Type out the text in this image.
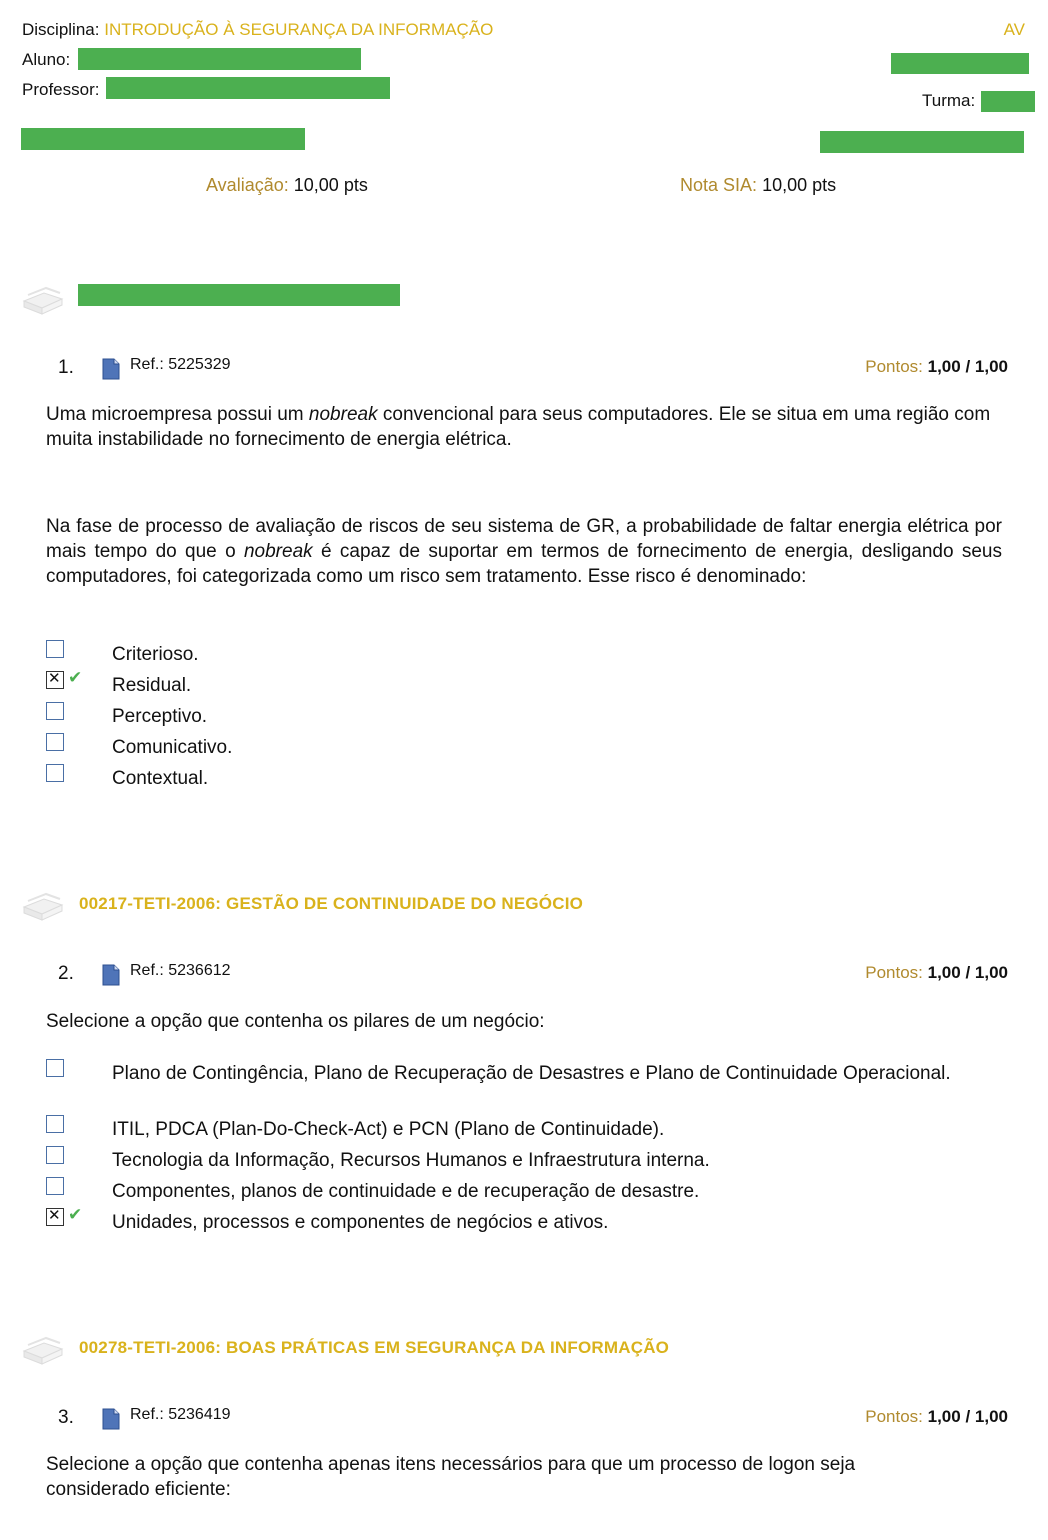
Disciplina: INTRODUÇÃO À SEGURANÇA DA INFORMAÇÃO	AV
Aluno:
Professor:
Turma:
Avaliação: 10,00 pts	Nota SIA: 10,00 pts
1.	Ref.: 5225329	Pontos: 1,00 / 1,00
Uma microempresa possui um nobreak convencional para seus computadores. Ele se situa em uma região com muita instabilidade no fornecimento de energia elétrica.
Na fase de processo de avaliação de riscos de seu sistema de GR, a probabilidade de faltar energia elétrica por mais tempo do que o nobreak é capaz de suportar em termos de fornecimento de energia, desligando seus computadores, foi categorizada como um risco sem tratamento. Esse risco é denominado:
Criterioso.
✕
✔ Residual.
Perceptivo.
Comunicativo.
Contextual.
00217-TETI-2006: GESTÃO DE CONTINUIDADE DO NEGÓCIO
2.	Ref.: 5236612	Pontos: 1,00 / 1,00
Selecione a opção que contenha os pilares de um negócio:
Plano de Contingência, Plano de Recuperação de Desastres e Plano de Continuidade Operacional.
ITIL, PDCA (Plan-Do-Check-Act) e PCN (Plano de Continuidade).
Tecnologia da Informação, Recursos Humanos e Infraestrutura interna.
Componentes, planos de continuidade e de recuperação de desastre.
✕
✔ Unidades, processos e componentes de negócios e ativos.
00278-TETI-2006: BOAS PRÁTICAS EM SEGURANÇA DA INFORMAÇÃO
3.	Ref.: 5236419	Pontos: 1,00 / 1,00
Selecione a opção que contenha apenas itens necessários para que um processo de logon seja considerado eficiente:
